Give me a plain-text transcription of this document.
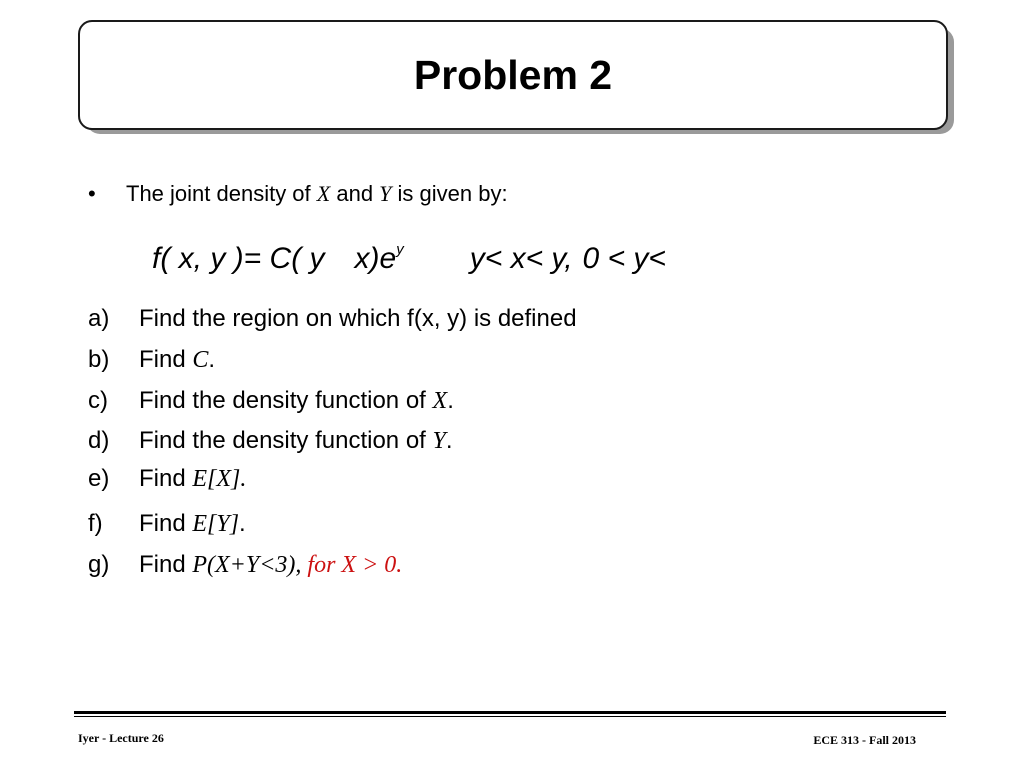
Problem 2
• The joint density of X and Y is given by:
f( x, y )= C( y x)ey y< x< y, 0 < y<
a) Find the region on which f(x, y) is defined
b) Find C.
c) Find the density function of X.
d) Find the density function of Y.
e) Find E[X].
f) Find E[Y].
g) Find P(X+Y<3), for X > 0.
Iyer - Lecture 26	ECE 313 - Fall 2013
